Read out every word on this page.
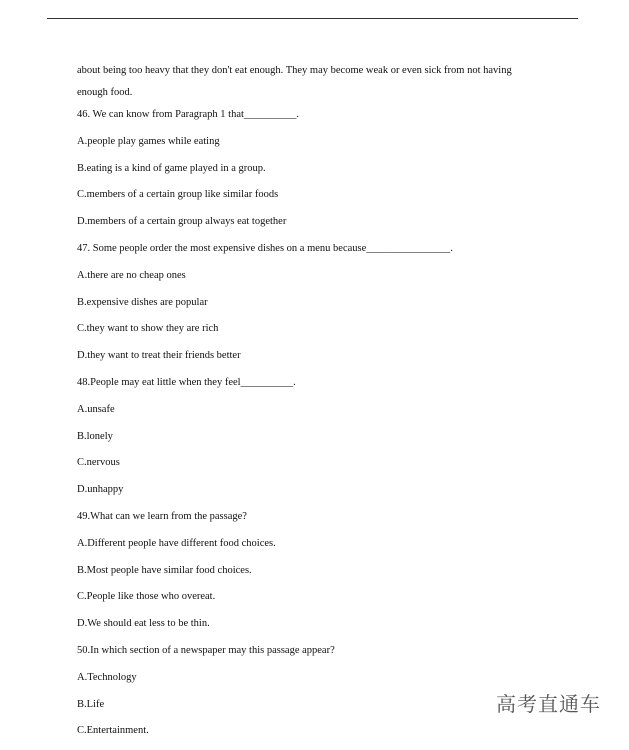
about being too heavy that they don't eat enough. They may become weak or even sick from not having
enough food.
46. We can know from Paragraph 1 that__________.
A.people play games while eating
B.eating is a kind of game played in a group.
C.members of a certain group like similar foods
D.members of a certain group always eat together
47. Some people order the most expensive dishes on a menu because________________.
A.there are no cheap ones
B.expensive dishes are popular
C.they want to show they are rich
D.they want to treat their friends better
48.People may eat little when they feel__________.
A.unsafe
B.lonely
C.nervous
D.unhappy
49.What can we learn from the passage?
A.Different people have different food choices.
B.Most people have similar food choices.
C.People like those who overeat.
D.We should eat less to be thin.
50.In which section of a newspaper may this passage appear?
A.Technology
B.Life
C.Entertainment.
高考直通车
